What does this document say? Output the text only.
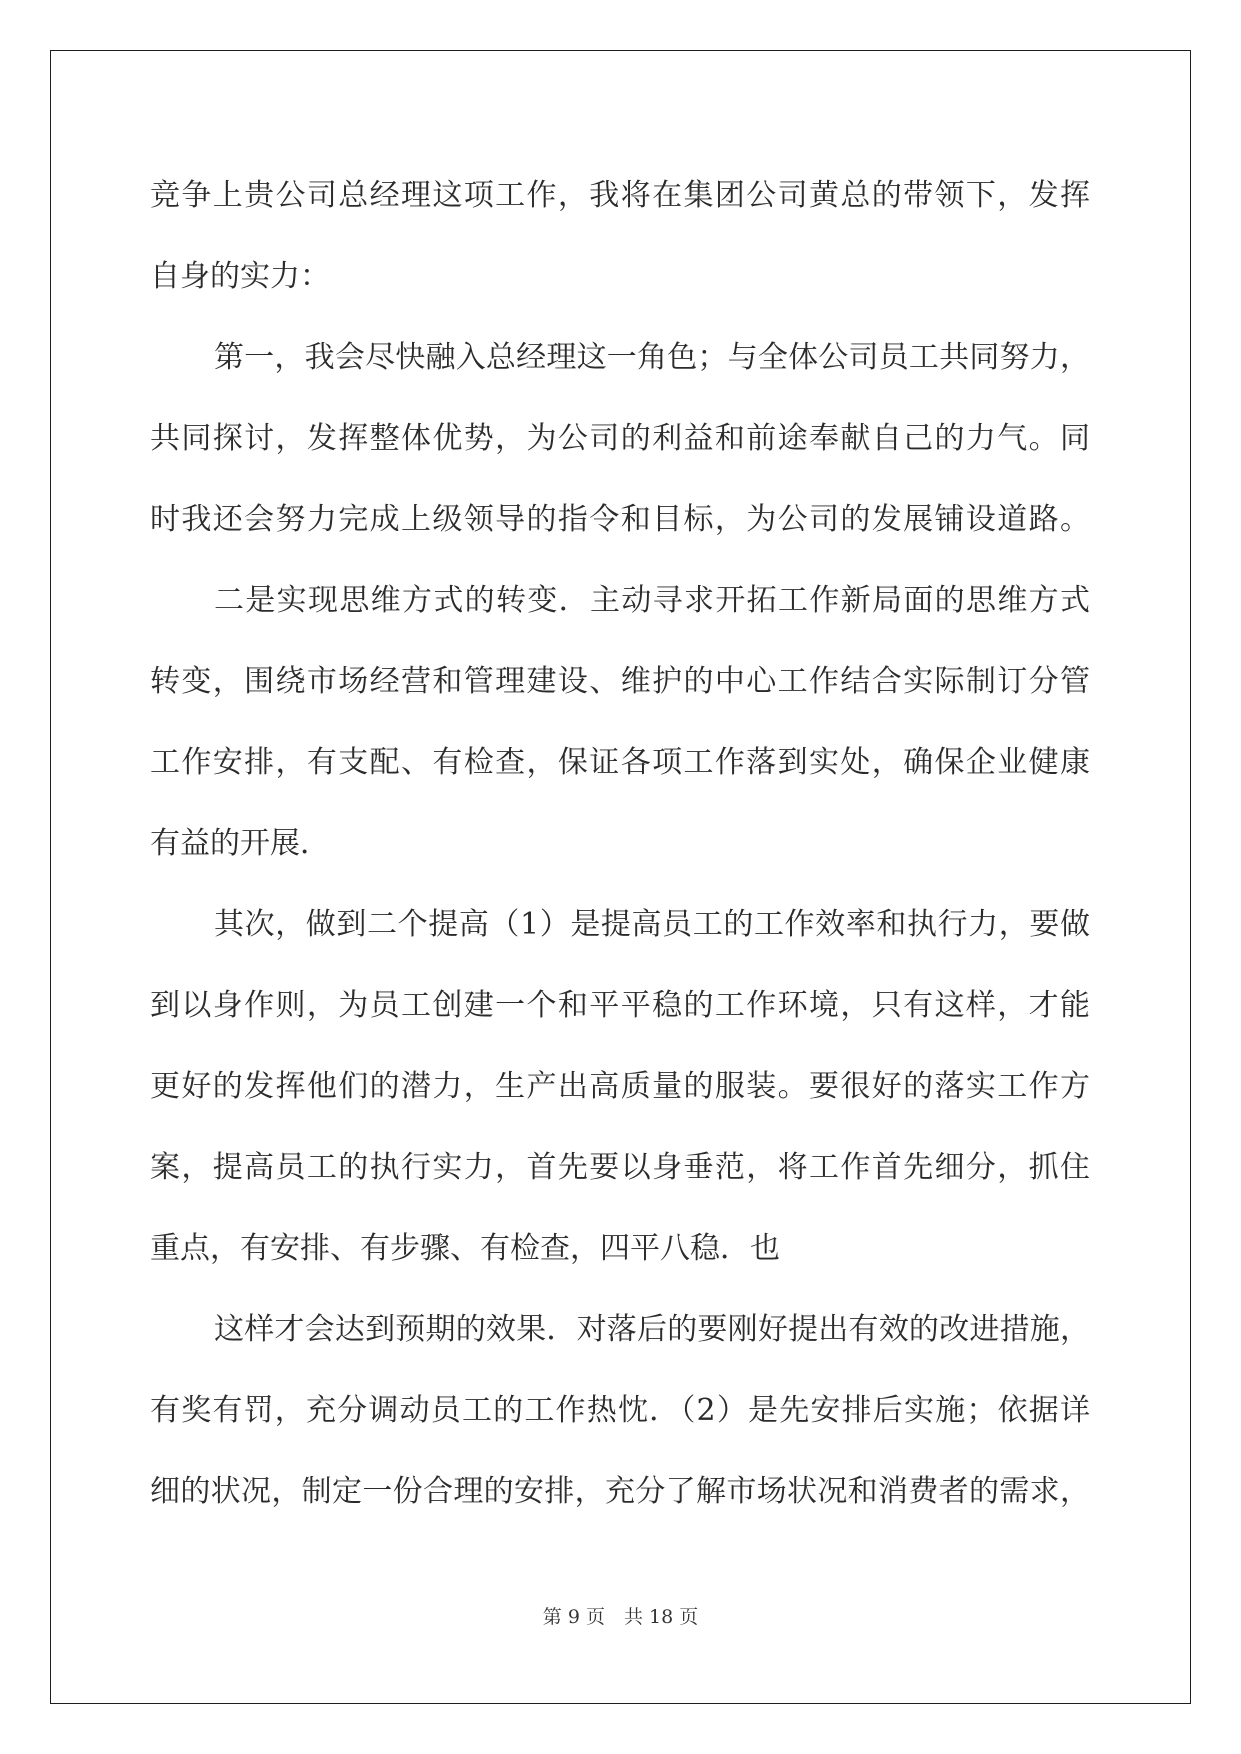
竞争上贵公司总经理这项工作，我将在集团公司黄总的带领下，发挥
自身的实力：
第一，我会尽快融入总经理这一角色；与全体公司员工共同努力，
共同探讨，发挥整体优势，为公司的利益和前途奉献自己的力气。同
时我还会努力完成上级领导的指令和目标，为公司的发展铺设道路。
二是实现思维方式的转变．主动寻求开拓工作新局面的思维方式
转变，围绕市场经营和管理建设、维护的中心工作结合实际制订分管
工作安排，有支配、有检查，保证各项工作落到实处，确保企业健康
有益的开展．
其次，做到二个提高（1）是提高员工的工作效率和执行力，要做
到以身作则，为员工创建一个和平平稳的工作环境，只有这样，才能
更好的发挥他们的潜力，生产出高质量的服装。要很好的落实工作方
案，提高员工的执行实力，首先要以身垂范，将工作首先细分，抓住
重点，有安排、有步骤、有检查，四平八稳．也
这样才会达到预期的效果．对落后的要刚好提出有效的改进措施，
有奖有罚，充分调动员工的工作热忱．（2）是先安排后实施；依据详
细的状况，制定一份合理的安排，充分了解市场状况和消费者的需求，
第 9 页　共 18 页
